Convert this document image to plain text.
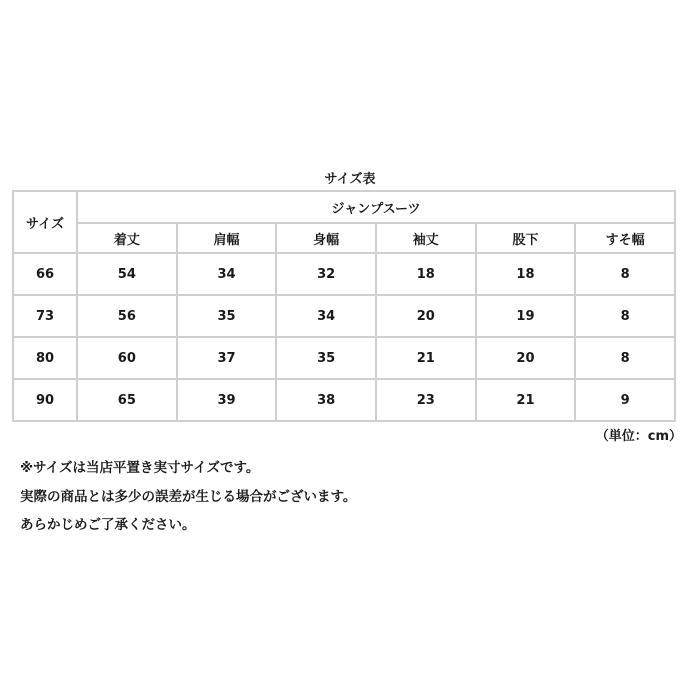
サイズ表
サイズ	ジャンプスーツ					
	着丈	肩幅	身幅	袖丈	股下	すそ幅
66	54	34	32	18	18	8
73	56	35	34	20	19	8
80	60	37	35	21	20	8
90	65	39	38	23	21	9
（単位：cm）
※サイズは当店平置き実寸サイズです。
実際の商品とは多少の誤差が生じる場合がございます。
あらかじめご了承ください。
